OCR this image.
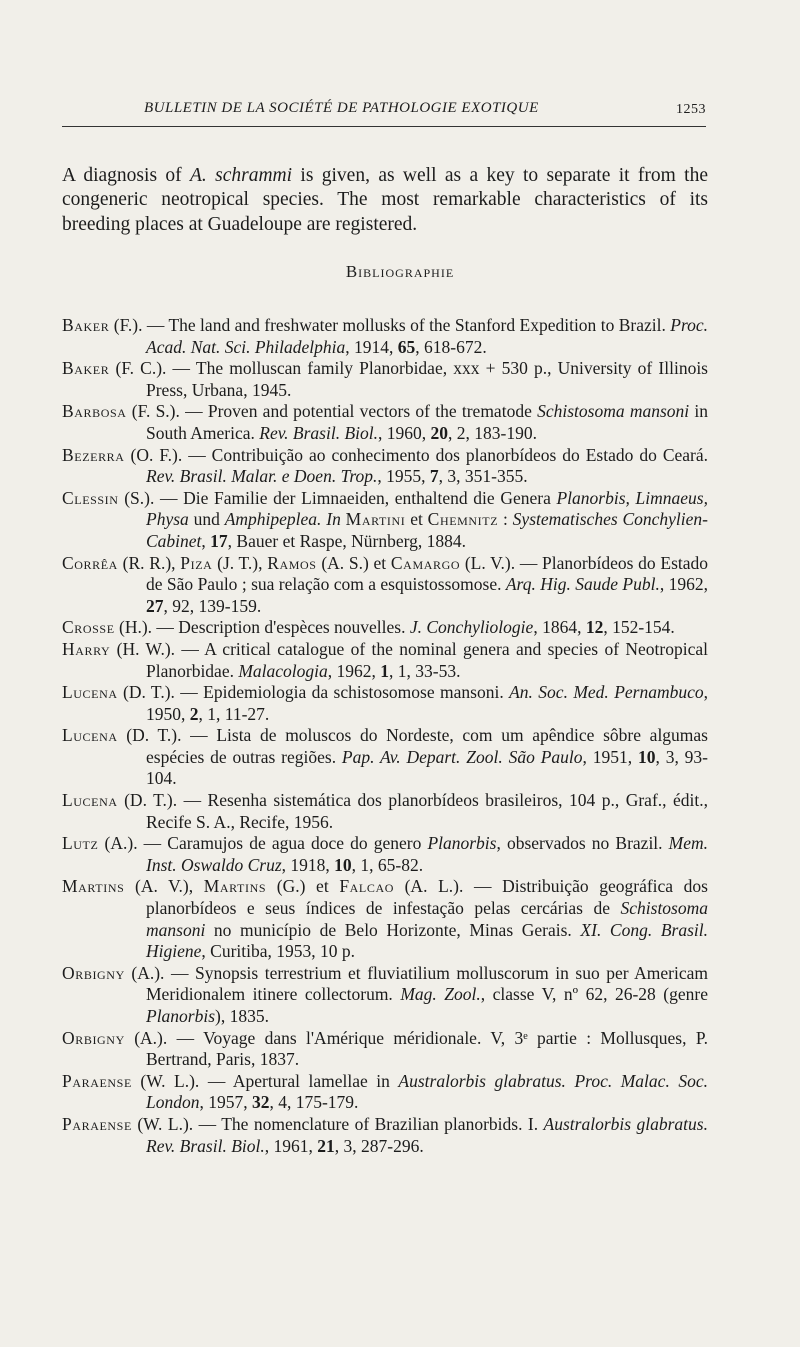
BULLETIN DE LA SOCIÉTÉ DE PATHOLOGIE EXOTIQUE	1253

A diagnosis of A. schrammi is given, as well as a key to separate it from the congeneric neotropical species. The most remarkable characteristics of its breeding places at Guadeloupe are registered.

Bibliographie

Baker (F.). — The land and freshwater mollusks of the Stanford Expedition to Brazil. Proc. Acad. Nat. Sci. Philadelphia, 1914, 65, 618-672.

Baker (F. C.). — The molluscan family Planorbidae, xxx + 530 p., University of Illinois Press, Urbana, 1945.

Barbosa (F. S.). — Proven and potential vectors of the trematode Schistosoma mansoni in South America. Rev. Brasil. Biol., 1960, 20, 2, 183-190.

Bezerra (O. F.). — Contribuição ao conhecimento dos planorbídeos do Estado do Ceará. Rev. Brasil. Malar. e Doen. Trop., 1955, 7, 3, 351-355.

Clessin (S.). — Die Familie der Limnaeiden, enthaltend die Genera Planorbis, Limnaeus, Physa und Amphipeplea. In Martini et Chemnitz : Systematisches Conchylien-Cabinet, 17, Bauer et Raspe, Nürnberg, 1884.

Corrêa (R. R.), Piza (J. T.), Ramos (A. S.) et Camargo (L. V.). — Planorbídeos do Estado de São Paulo ; sua relação com a esquistossomose. Arq. Hig. Saude Publ., 1962, 27, 92, 139-159.

Crosse (H.). — Description d'espèces nouvelles. J. Conchyliologie, 1864, 12, 152-154.

Harry (H. W.). — A critical catalogue of the nominal genera and species of Neotropical Planorbidae. Malacologia, 1962, 1, 1, 33-53.

Lucena (D. T.). — Epidemiologia da schistosomose mansoni. An. Soc. Med. Pernambuco, 1950, 2, 1, 11-27.

Lucena (D. T.). — Lista de moluscos do Nordeste, com um apêndice sôbre algumas espécies de outras regiões. Pap. Av. Depart. Zool. São Paulo, 1951, 10, 3, 93-104.

Lucena (D. T.). — Resenha sistemática dos planorbídeos brasileiros, 104 p., Graf., édit., Recife S. A., Recife, 1956.

Lutz (A.). — Caramujos de agua doce do genero Planorbis, observados no Brazil. Mem. Inst. Oswaldo Cruz, 1918, 10, 1, 65-82.

Martins (A. V.), Martins (G.) et Falcao (A. L.). — Distribuição geográfica dos planorbídeos e seus índices de infestação pelas cercárias de Schistosoma mansoni no município de Belo Horizonte, Minas Gerais. XI. Cong. Brasil. Higiene, Curitiba, 1953, 10 p.

Orbigny (A.). — Synopsis terrestrium et fluviatilium molluscorum in suo per Americam Meridionalem itinere collectorum. Mag. Zool., classe V, nº 62, 26-28 (genre Planorbis), 1835.

Orbigny (A.). — Voyage dans l'Amérique méridionale. V, 3ᵉ partie : Mollusques, P. Bertrand, Paris, 1837.

Paraense (W. L.). — Apertural lamellae in Australorbis glabratus. Proc. Malac. Soc. London, 1957, 32, 4, 175-179.

Paraense (W. L.). — The nomenclature of Brazilian planorbids. I. Australorbis glabratus. Rev. Brasil. Biol., 1961, 21, 3, 287-296.
